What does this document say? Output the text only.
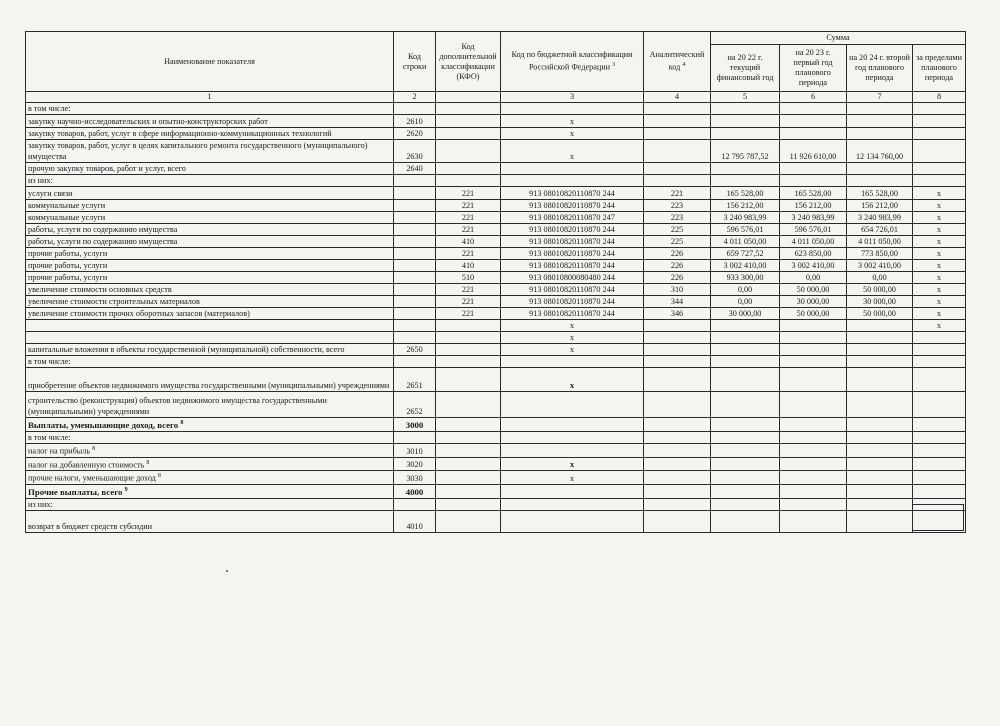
Наименование показателя	Код строки	Код дополнительной классификации (КФО)	Код по бюджетной классификации Российской Федерации $^3$	Аналитический код $^4$	Сумма			
					на 20 22 г. текущий финансовый год	на 20 23 г. первый год планового периода	на 20 24 г. второй год планового периода	за пределами планового периода
1	2		3	4	5	6	7	8
в том числе:								
закупку научно-исследовательских и опытно-конструкторских работ	2610		х					
закупку товаров, работ, услуг в сфере информационно-коммуникационных технологий	2620		х					
закупку товаров, работ, услуг в целях капитального ремонта государственного (муниципального) имущества	2630		х		12 795 787,52	11 926 610,00	12 134 760,00	
прочую закупку товаров, работ и услуг, всего	2640							
из них:								
услуги связи		221	913 08010820110870 244	221	165 528,00	165 528,00	165 528,00	х
коммунальные услуги		221	913 08010820110870 244	223	156 212,00	156 212,00	156 212,00	х
коммунальные услуги		221	913 08010820110870 247	223	3 240 983,99	3 240 983,99	3 240 983,99	х
работы, услуги по содержанию имущества		221	913 08010820110870 244	225	596 576,01	596 576,01	654 726,01	х
работы, услуги по содержанию имущества		410	913 08010820110870 244	225	4 011 050,00	4 011 050,00	4 011 050,00	х
прочие работы, услуги		221	913 08010820110870 244	226	659 727,52	623 850,00	773 850,00	х
прочие работы, услуги		410	913 08010820110870 244	226	3 002 410,00	3 002 410,00	3 002 410,00	х
прочие работы, услуги		510	913 08010800080480 244	226	933 300,00	0,00	0,00	х
увеличение стоимости основных средств		221	913 08010820110870 244	310	0,00	50 000,00	50 000,00	х
увеличение стоимости строительных материалов		221	913 08010820110870 244	344	0,00	30 000,00	30 000,00	х
увеличение стоимости прочих оборотных запасов (материалов)		221	913 08010820110870 244	346	30 000,00	50 000,00	50 000,00	х
			х					х
			х					
капитальные вложения в объекты государственной (муниципальной) собственности, всего	2650		х					
в том числе:								
приобретение объектов недвижимого имущества государственными (муниципальными) учреждениями	2651		х					
строительство (реконструкция) объектов недвижимого имущества государственными (муниципальными) учреждениями	2652							
Выплаты, уменьшающие доход, всего $^8$	3000							
в том числе:								
налог на прибыль $^8$	3010							
налог на добавленную стоимость $^8$	3020		х					
прочие налоги, уменьшающие доход $^8$	3030		х					
Прочие выплаты, всего $^9$	4000							
из них:								
возврат в бюджет средств субсидии	4010							
